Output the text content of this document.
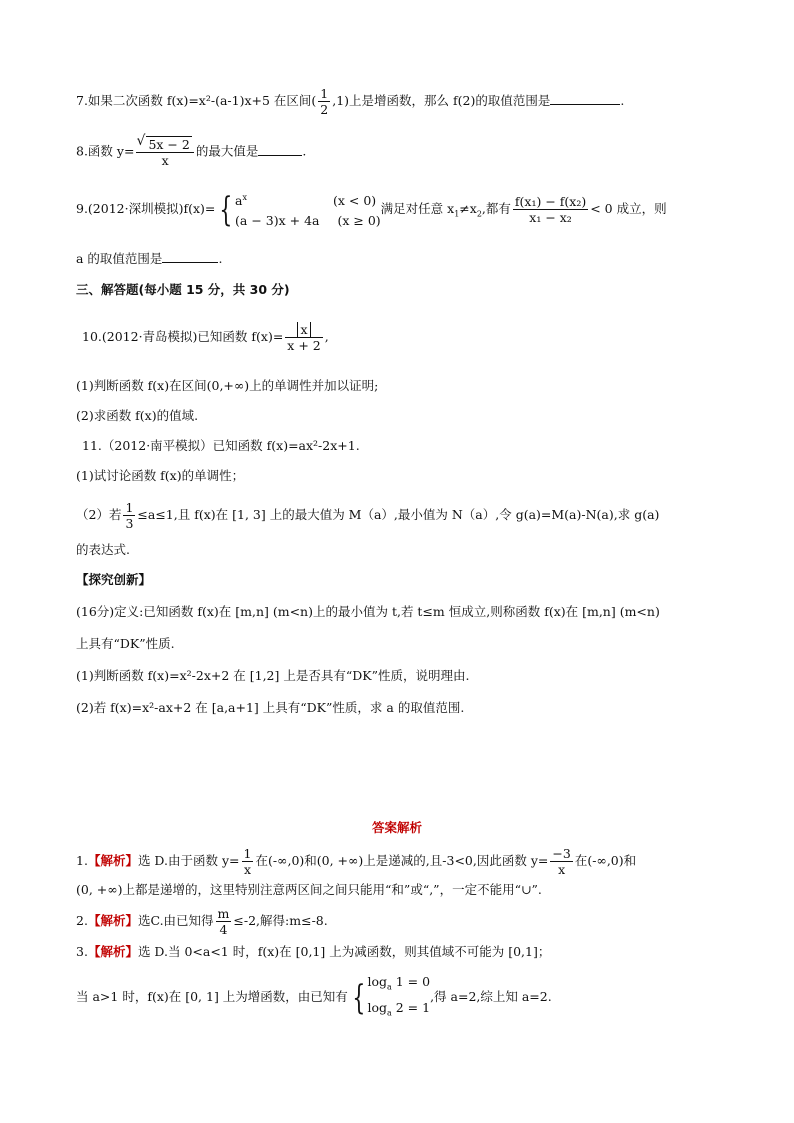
7.如果二次函数 f(x)=x²-(a-1)x+5 在区间( $\frac{1}{2} ,1$)上是增函数，那么 f(2)的取值范围是	.
8.函数 y=
√ $\frac{5x - 2}{x}$ 的最大值是	.
9.(2012·深圳模拟)f(x)= { $a^x$	(x < 0)
(a − 3)x + 4a (x ≥ 0)
满足对任意 $x_1\ne x_2$,都有 $\frac{\text{f(x₁) − f(x₂)}}{\text{x₁ − x₂}} < 0$ 成立，则
a 的取值范围是	.
三、解答题(每小题 15 分，共 30 分)
10.(2012·青岛模拟)已知函数 $f(x)= \frac{x}{x + 2}$ ,
(1)判断函数 f(x)在区间(0,+∞)上的单调性并加以证明;
(2)求函数 f(x)的值域.
11.（2012·南平模拟）已知函数 f(x)=ax²-2x+1.
(1)试讨论函数 f(x)的单调性；
（2）若 $\frac{1}{3} \le a\le 1$,且 f(x)在 [1, 3] 上的最大值为 M（a）,最小值为 N（a）,令 g(a)=M(a)-N(a),求 g(a)
的表达式.
【探究创新】
(16分)定义:已知函数 f(x)在 [m,n] (m<n)上的最小值为 t,若 t≤m 恒成立,则称函数 f(x)在 [m,n] (m<n)
上具有“DK”性质.
(1)判断函数 f(x)=x²-2x+2 在 [1,2] 上是否具有“DK”性质，说明理由.
(2)若 f(x)=x²-ax+2 在 [a,a+1] 上具有“DK”性质，求 a 的取值范围.
答案解析
1.【解析】选 D.由于函数 $y= \frac{1}{x}$ 在(-∞,0)和(0, +∞)上是递减的,且-3<0,因此函数 $y= \frac{-3}{x}$ 在(-∞,0)和
(0, +∞)上都是递增的，这里特别注意两区间之间只能用“和”或“,”，一定不能用“∪”.
2.【解析】选C.由已知得 $\frac{m}{4} \le-2$,解得:m≤-8.
3.【解析】选 D.当 0<a<1 时，f(x)在 [0,1] 上为减函数，则其值域不可能为 [0,1]；
当 a>1 时，f(x)在 [0, 1] 上为增函数，由已知有 { $\log_a 1 = 0$
$\log_a 2 = 1$
,得 a=2,综上知 a=2.
